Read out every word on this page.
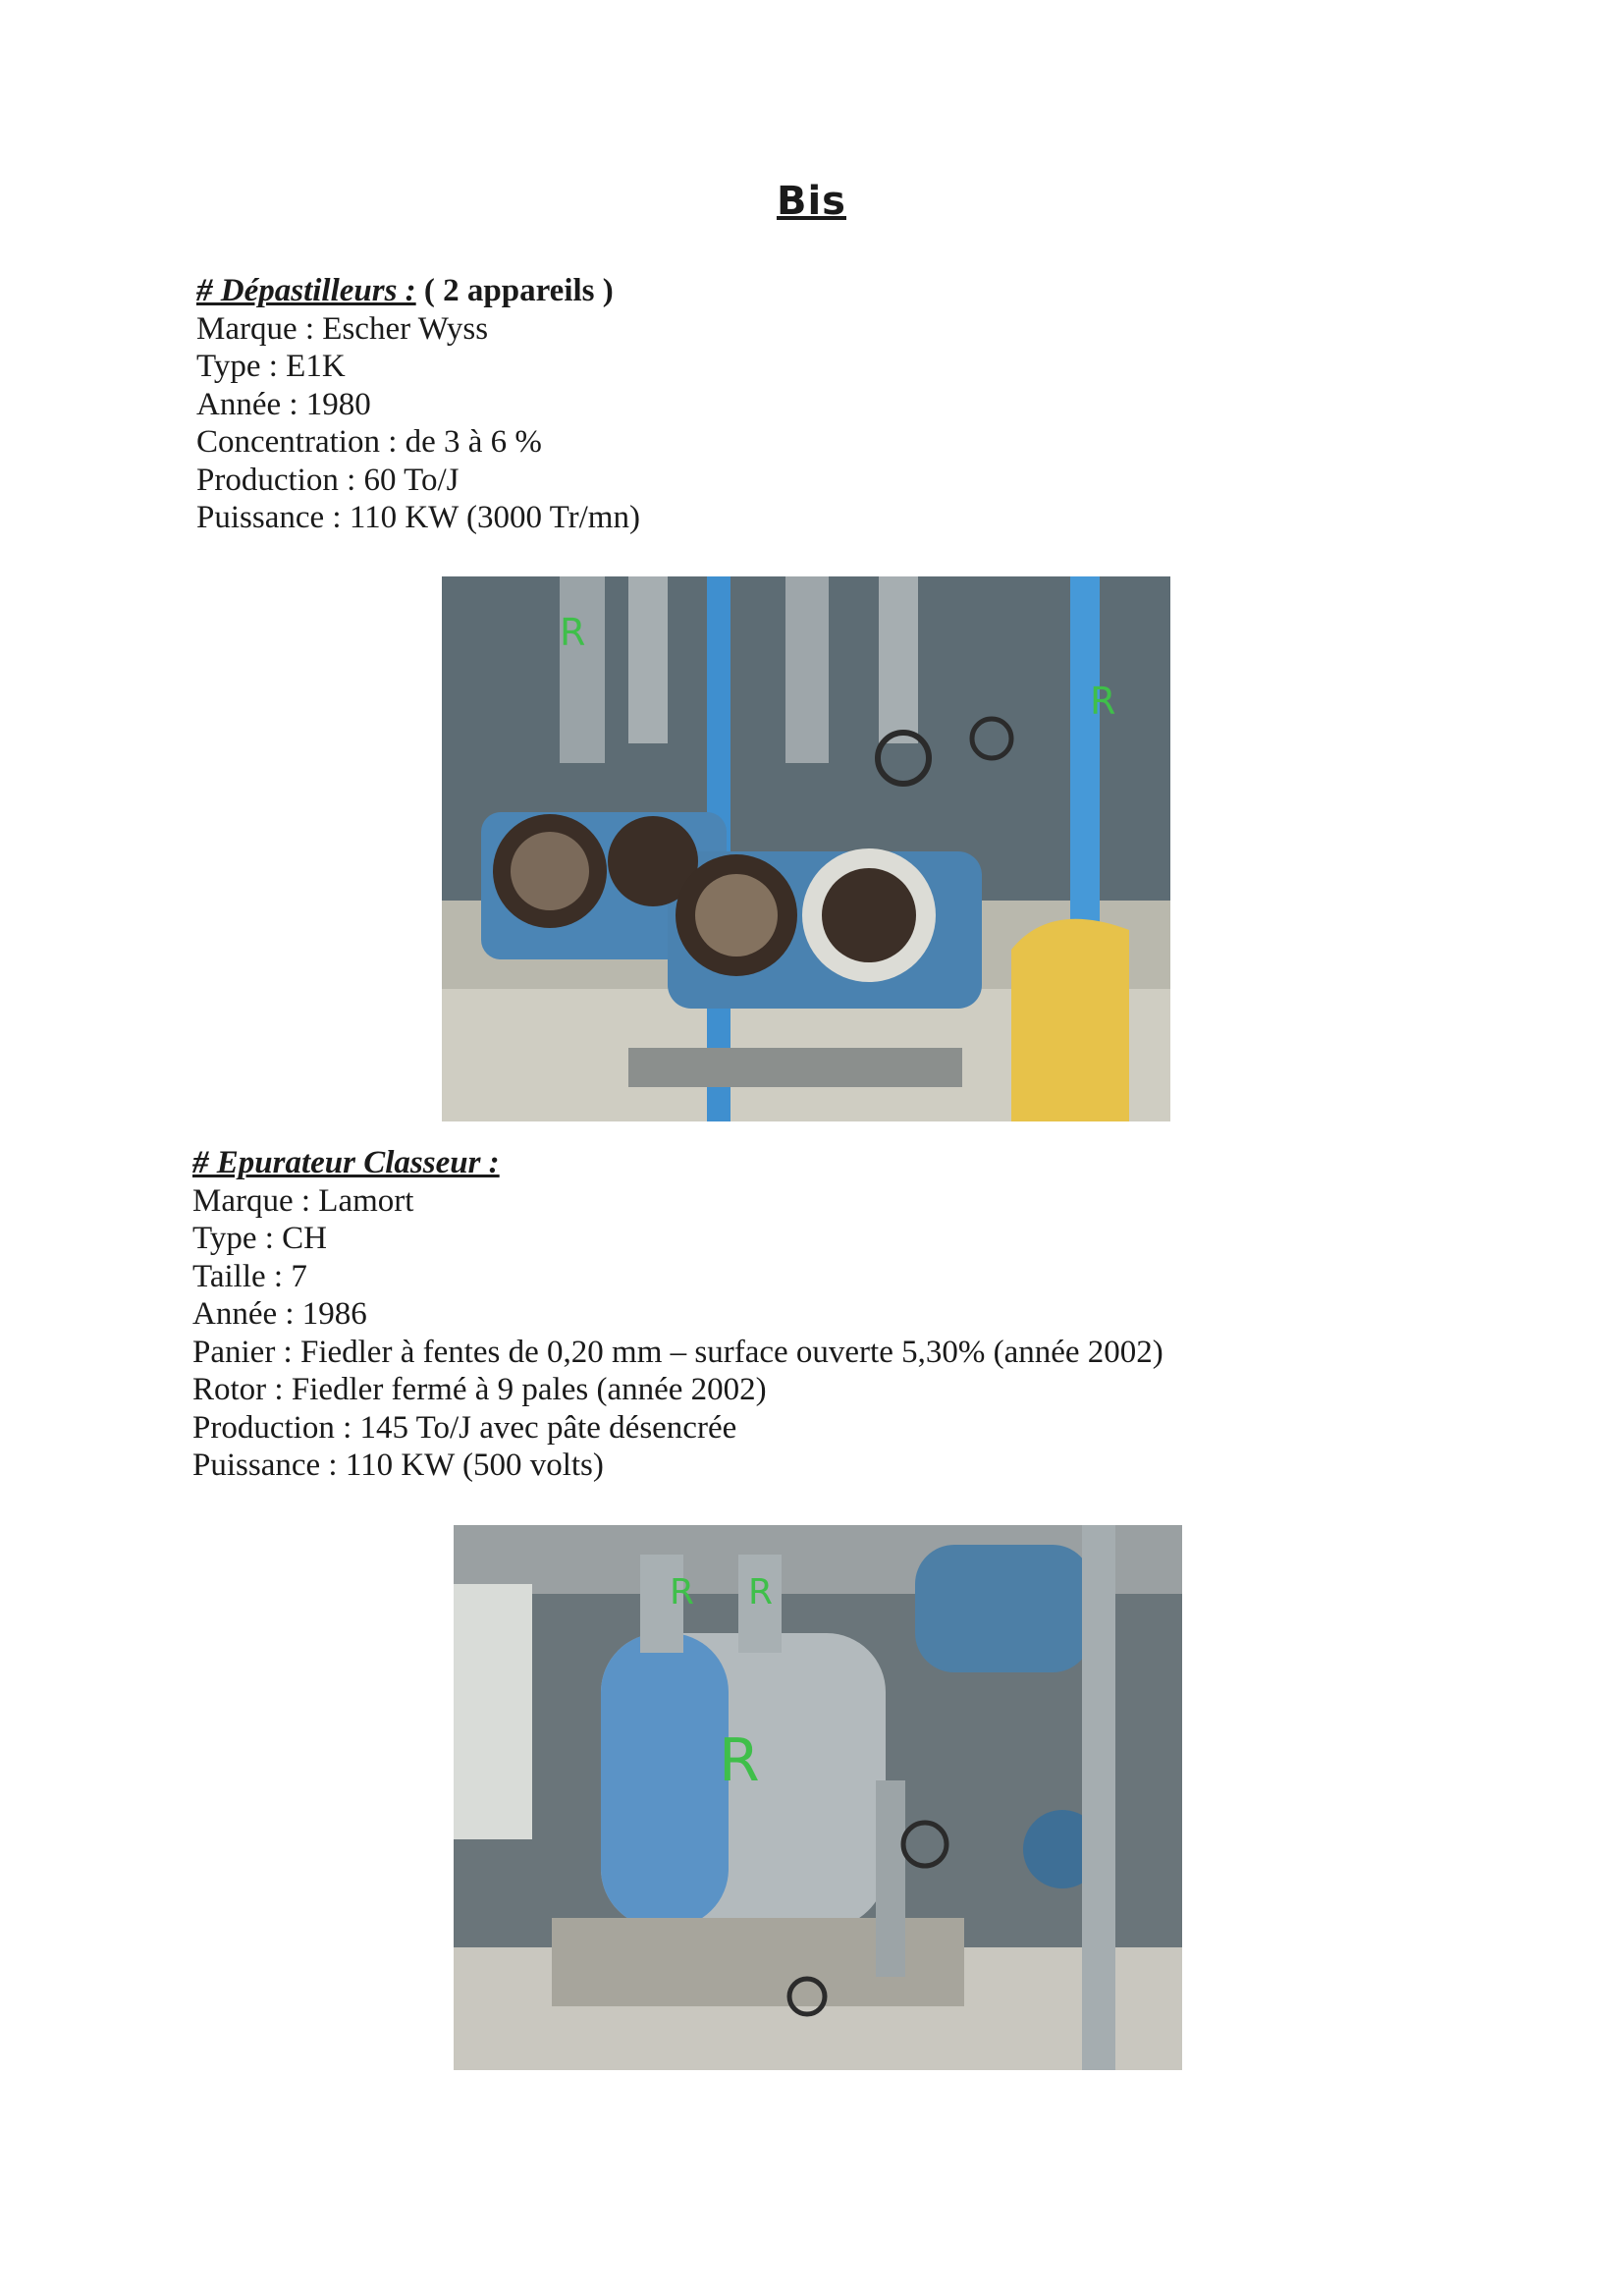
Bis
# Dépastilleurs : ( 2 appareils )
Marque : Escher Wyss
Type : E1K
Année : 1980
Concentration : de 3 à 6 %
Production : 60 To/J
Puissance : 110 KW (3000 Tr/mn)
R
R
# Epurateur Classeur :
Marque : Lamort
Type : CH
Taille : 7
Année : 1986
Panier : Fiedler à fentes de 0,20 mm – surface ouverte 5,30% (année 2002)
Rotor : Fiedler fermé à 9 pales (année 2002)
Production : 145 To/J avec pâte désencrée
Puissance : 110 KW (500 volts)
R
R R
